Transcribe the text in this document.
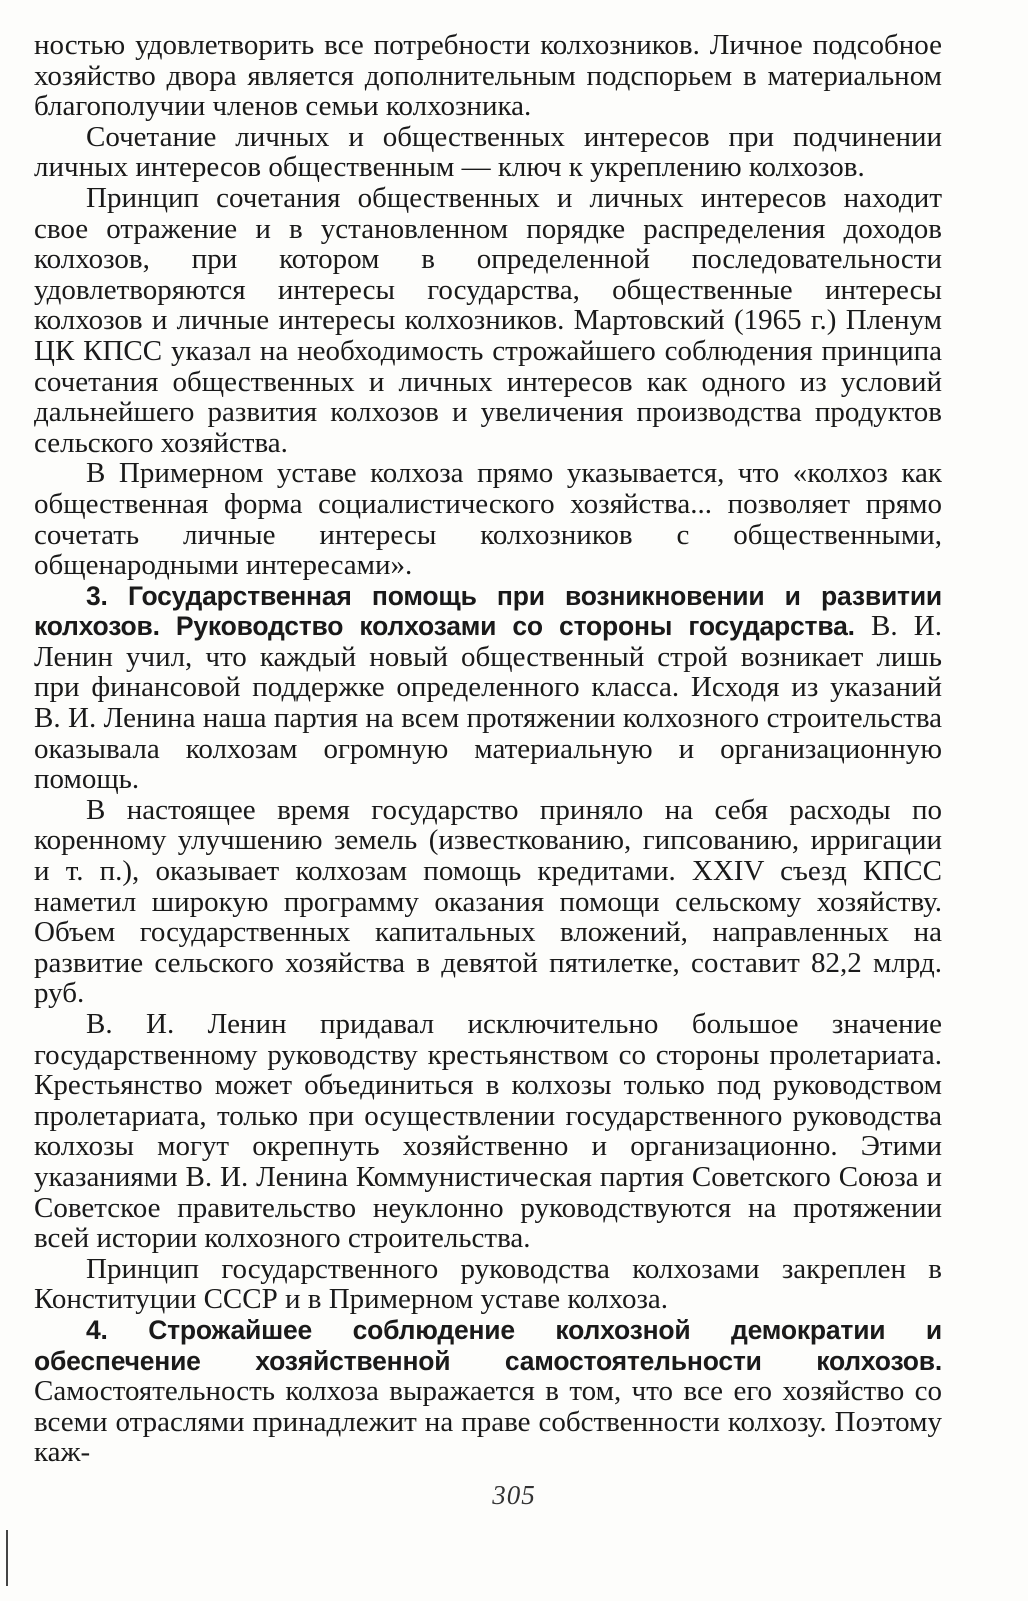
ностью удовлетворить все потребности колхозников. Личное подсобное хозяйство двора является дополнительным подспорьем в материальном благополучии членов семьи колхозника.

Сочетание личных и общественных интересов при подчинении личных интересов общественным — ключ к укреплению колхозов.

Принцип сочетания общественных и личных интересов находит свое отражение и в установленном порядке распределения доходов колхозов, при котором в определенной последовательности удовлетворяются интересы государства, общественные интересы колхозов и личные интересы колхозников. Мартовский (1965 г.) Пленум ЦК КПСС указал на необходимость строжайшего соблюдения принципа сочетания общественных и личных интересов как одного из условий дальнейшего развития колхозов и увеличения производства продуктов сельского хозяйства.

В Примерном уставе колхоза прямо указывается, что «колхоз как общественная форма социалистического хозяйства... позволяет прямо сочетать личные интересы колхозников с общественными, общенародными интересами».

3. Государственная помощь при возникновении и развитии колхозов. Руководство колхозами со стороны государства. В. И. Ленин учил, что каждый новый общественный строй возникает лишь при финансовой поддержке определенного класса. Исходя из указаний В. И. Ленина наша партия на всем протяжении колхозного строительства оказывала колхозам огромную материальную и организационную помощь.

В настоящее время государство приняло на себя расходы по коренному улучшению земель (известкованию, гипсованию, ирригации и т. п.), оказывает колхозам помощь кредитами. XXIV съезд КПСС наметил широкую программу оказания помощи сельскому хозяйству. Объем государственных капитальных вложений, направленных на развитие сельского хозяйства в девятой пятилетке, составит 82,2 млрд. руб.

В. И. Ленин придавал исключительно большое значение государственному руководству крестьянством со стороны пролетариата. Крестьянство может объединиться в колхозы только под руководством пролетариата, только при осуществлении государственного руководства колхозы могут окрепнуть хозяйственно и организационно. Этими указаниями В. И. Ленина Коммунистическая партия Советского Союза и Советское правительство неуклонно руководствуются на протяжении всей истории колхозного строительства.

Принцип государственного руководства колхозами закреплен в Конституции СССР и в Примерном уставе колхоза.

4. Строжайшее соблюдение колхозной демократии и обеспечение хозяйственной самостоятельности колхозов. Самостоятельность колхоза выражается в том, что все его хозяйство со всеми отраслями принадлежит на праве собственности колхозу. Поэтому каж-

305
